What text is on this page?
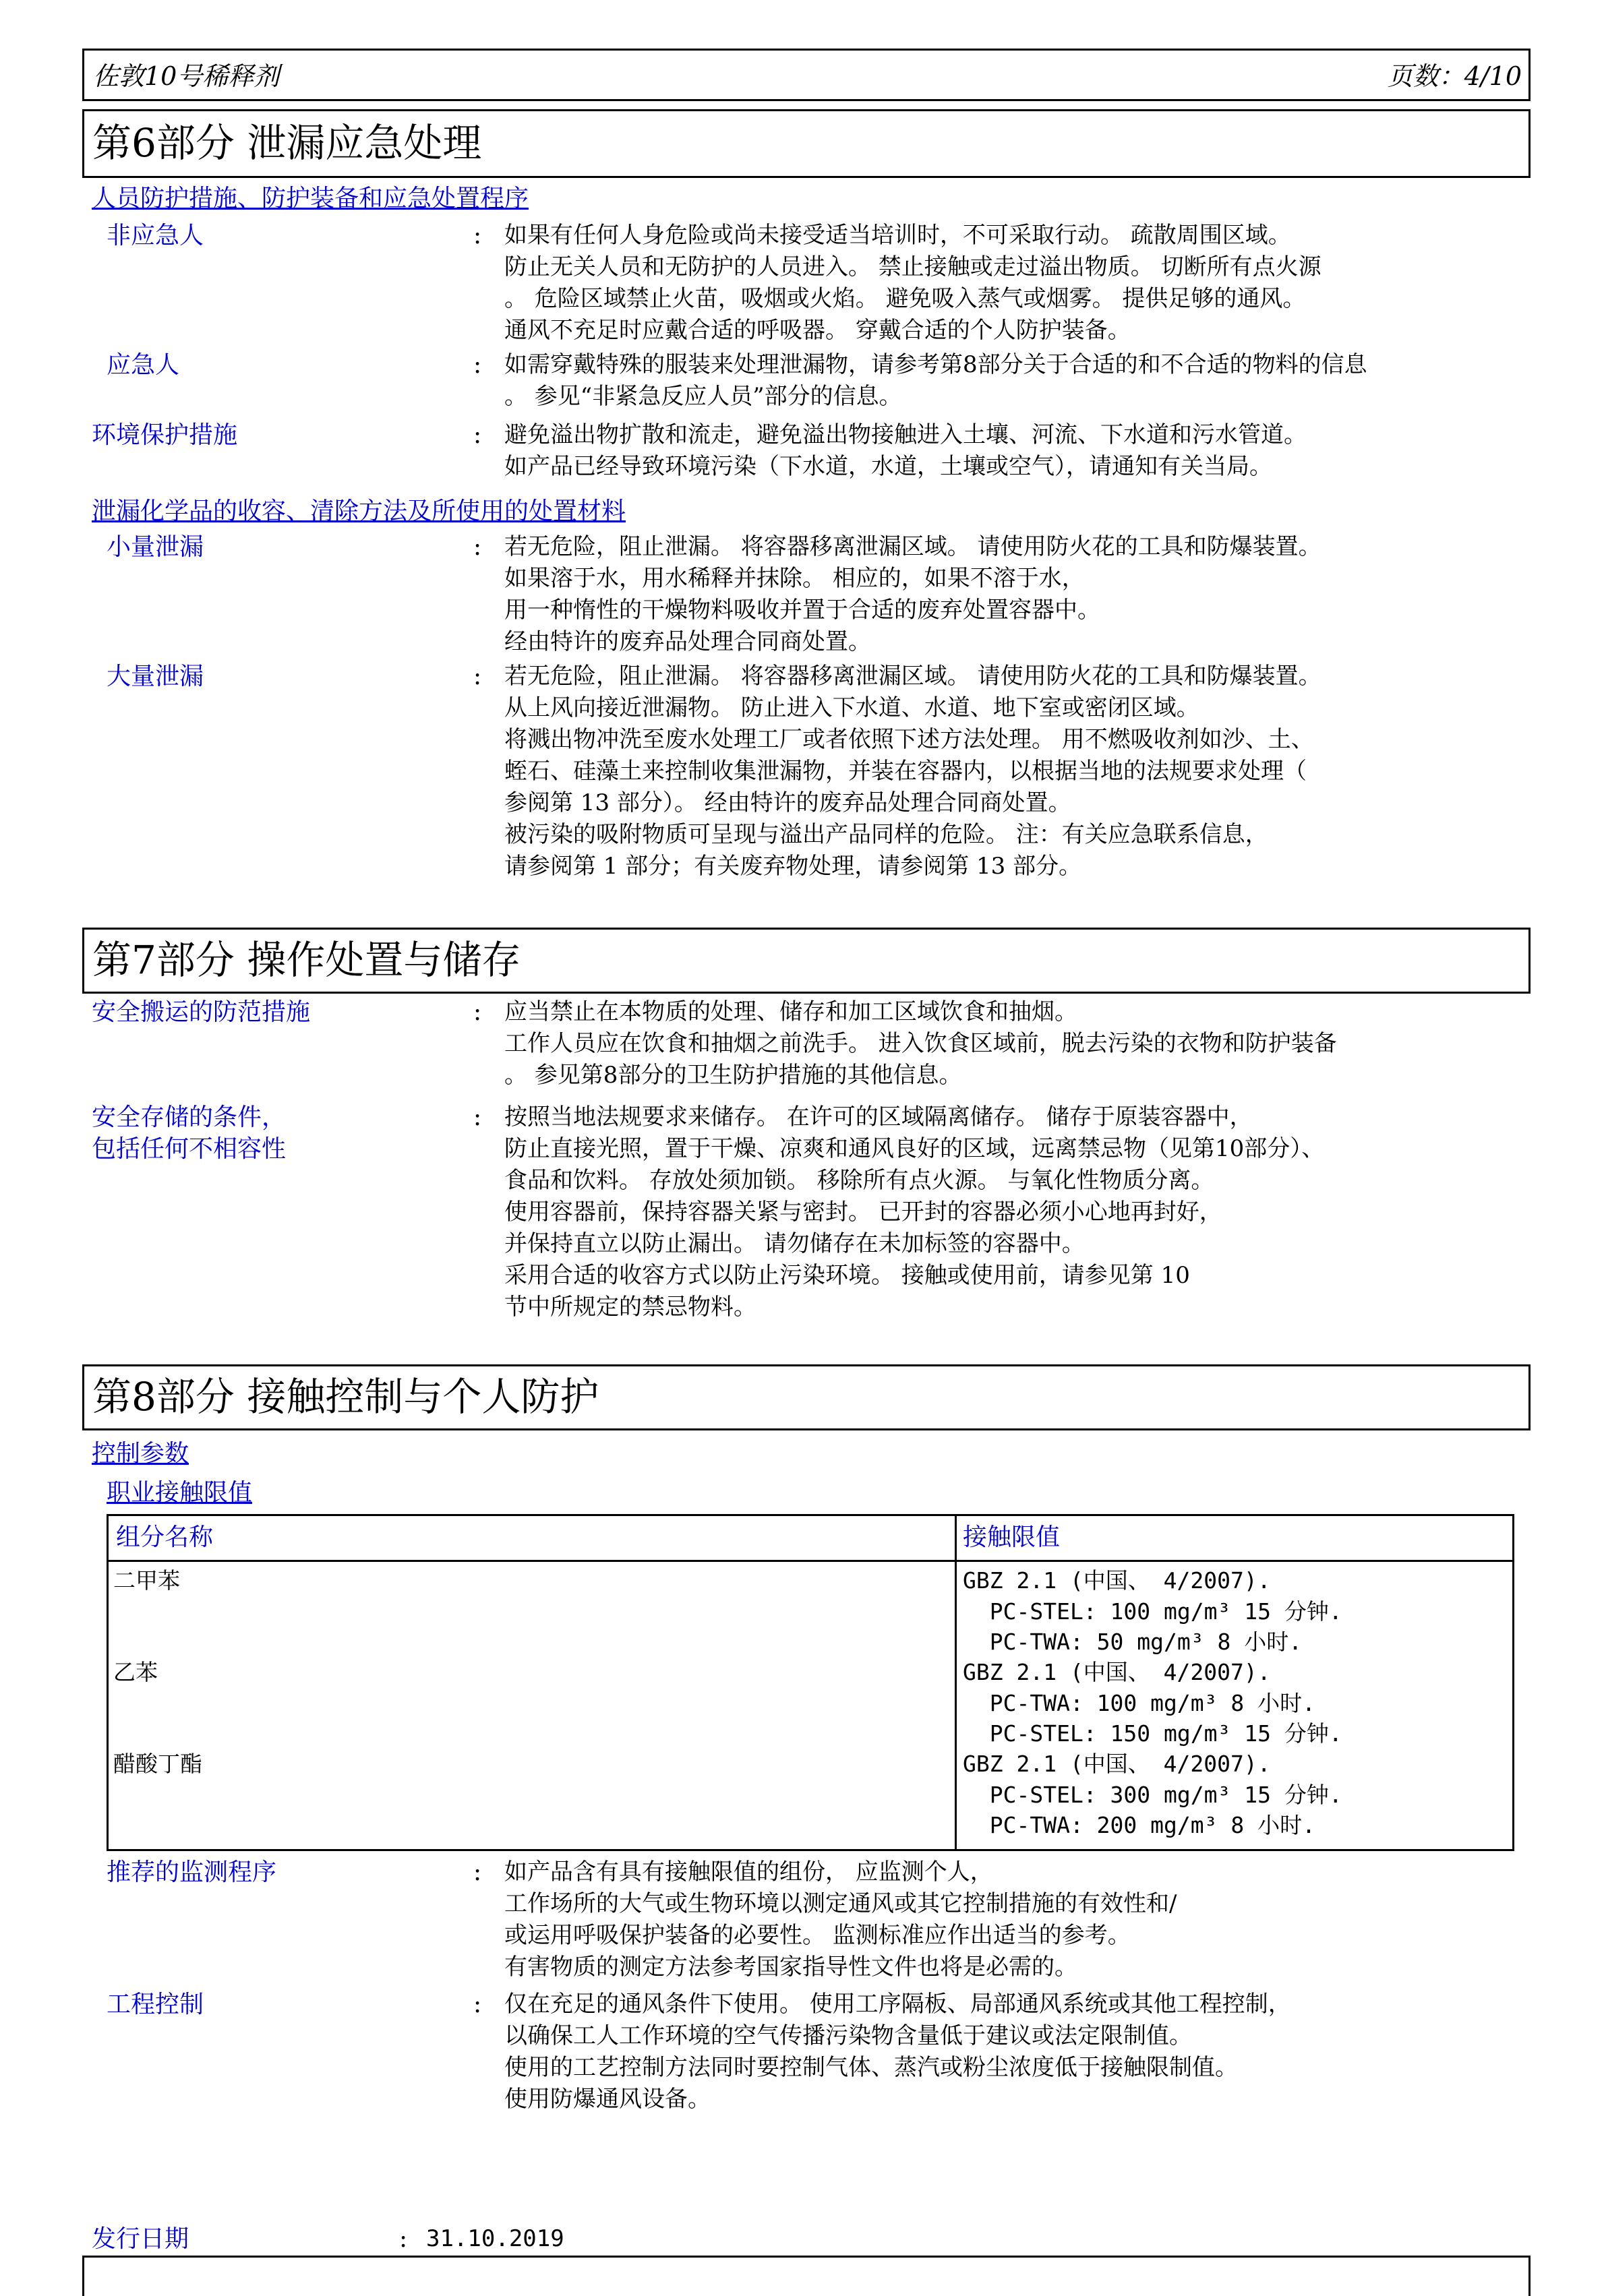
佐敦10号稀释剂	页数：4/10
第6部分 泄漏应急处理
人员防护措施、防护装备和应急处置程序
非应急人	: 如果有任何人身危险或尚未接受适当培训时，不可采取行动。 疏散周围区域。
防止无关人员和无防护的人员进入。 禁止接触或走过溢出物质。 切断所有点火源
。 危险区域禁止火苗，吸烟或火焰。 避免吸入蒸气或烟雾。 提供足够的通风。
通风不充足时应戴合适的呼吸器。 穿戴合适的个人防护装备。
应急人	: 如需穿戴特殊的服装来处理泄漏物，请参考第8部分关于合适的和不合适的物料的信息
。 参见“非紧急反应人员”部分的信息。
环境保护措施	: 避免溢出物扩散和流走，避免溢出物接触进入土壤、河流、下水道和污水管道。
如产品已经导致环境污染（下水道，水道，土壤或空气），请通知有关当局。
泄漏化学品的收容、清除方法及所使用的处置材料
小量泄漏	: 若无危险，阻止泄漏。 将容器移离泄漏区域。 请使用防火花的工具和防爆装置。
如果溶于水，用水稀释并抹除。 相应的，如果不溶于水，
用一种惰性的干燥物料吸收并置于合适的废弃处置容器中。
经由特许的废弃品处理合同商处置。
大量泄漏	: 若无危险，阻止泄漏。 将容器移离泄漏区域。 请使用防火花的工具和防爆装置。
从上风向接近泄漏物。 防止进入下水道、水道、地下室或密闭区域。
将溅出物冲洗至废水处理工厂或者依照下述方法处理。 用不燃吸收剂如沙、土、
蛭石、硅藻土来控制收集泄漏物，并装在容器内，以根据当地的法规要求处理（
参阅第 13 部分）。 经由特许的废弃品处理合同商处置。
被污染的吸附物质可呈现与溢出产品同样的危险。 注：有关应急联系信息，
请参阅第 1 部分；有关废弃物处理，请参阅第 13 部分。
第7部分 操作处置与储存
安全搬运的防范措施	: 应当禁止在本物质的处理、储存和加工区域饮食和抽烟。
工作人员应在饮食和抽烟之前洗手。 进入饮食区域前，脱去污染的衣物和防护装备
。 参见第8部分的卫生防护措施的其他信息。
安全存储的条件，
包括任何不相容性
: 按照当地法规要求来储存。 在许可的区域隔离储存。 储存于原装容器中，
防止直接光照，置于干燥、凉爽和通风良好的区域，远离禁忌物（见第10部分）、
食品和饮料。 存放处须加锁。 移除所有点火源。 与氧化性物质分离。
使用容器前，保持容器关紧与密封。 已开封的容器必须小心地再封好，
并保持直立以防止漏出。 请勿储存在未加标签的容器中。
采用合适的收容方式以防止污染环境。 接触或使用前，请参见第 10
节中所规定的禁忌物料。
第8部分 接触控制与个人防护
控制参数
职业接触限值
组分名称	接触限值
二甲苯	GBZ 2.1 (中国、 4/2007).
PC-STEL: 100 mg/m³ 15 分钟.
PC-TWA: 50 mg/m³ 8 小时.
乙苯	GBZ 2.1 (中国、 4/2007).
PC-TWA: 100 mg/m³ 8 小时.
PC-STEL: 150 mg/m³ 15 分钟.
醋酸丁酯	GBZ 2.1 (中国、 4/2007).
PC-STEL: 300 mg/m³ 15 分钟.
PC-TWA: 200 mg/m³ 8 小时.
推荐的监测程序	: 如产品含有具有接触限值的组份， 应监测个人，
工作场所的大气或生物环境以测定通风或其它控制措施的有效性和/
或运用呼吸保护装备的必要性。 监测标准应作出适当的参考。
有害物质的测定方法参考国家指导性文件也将是必需的。
工程控制	: 仅在充足的通风条件下使用。 使用工序隔板、局部通风系统或其他工程控制，
以确保工人工作环境的空气传播污染物含量低于建议或法定限制值。
使用的工艺控制方法同时要控制气体、蒸汽或粉尘浓度低于接触限制值。
使用防爆通风设备。
发行日期	: 31.10.2019
